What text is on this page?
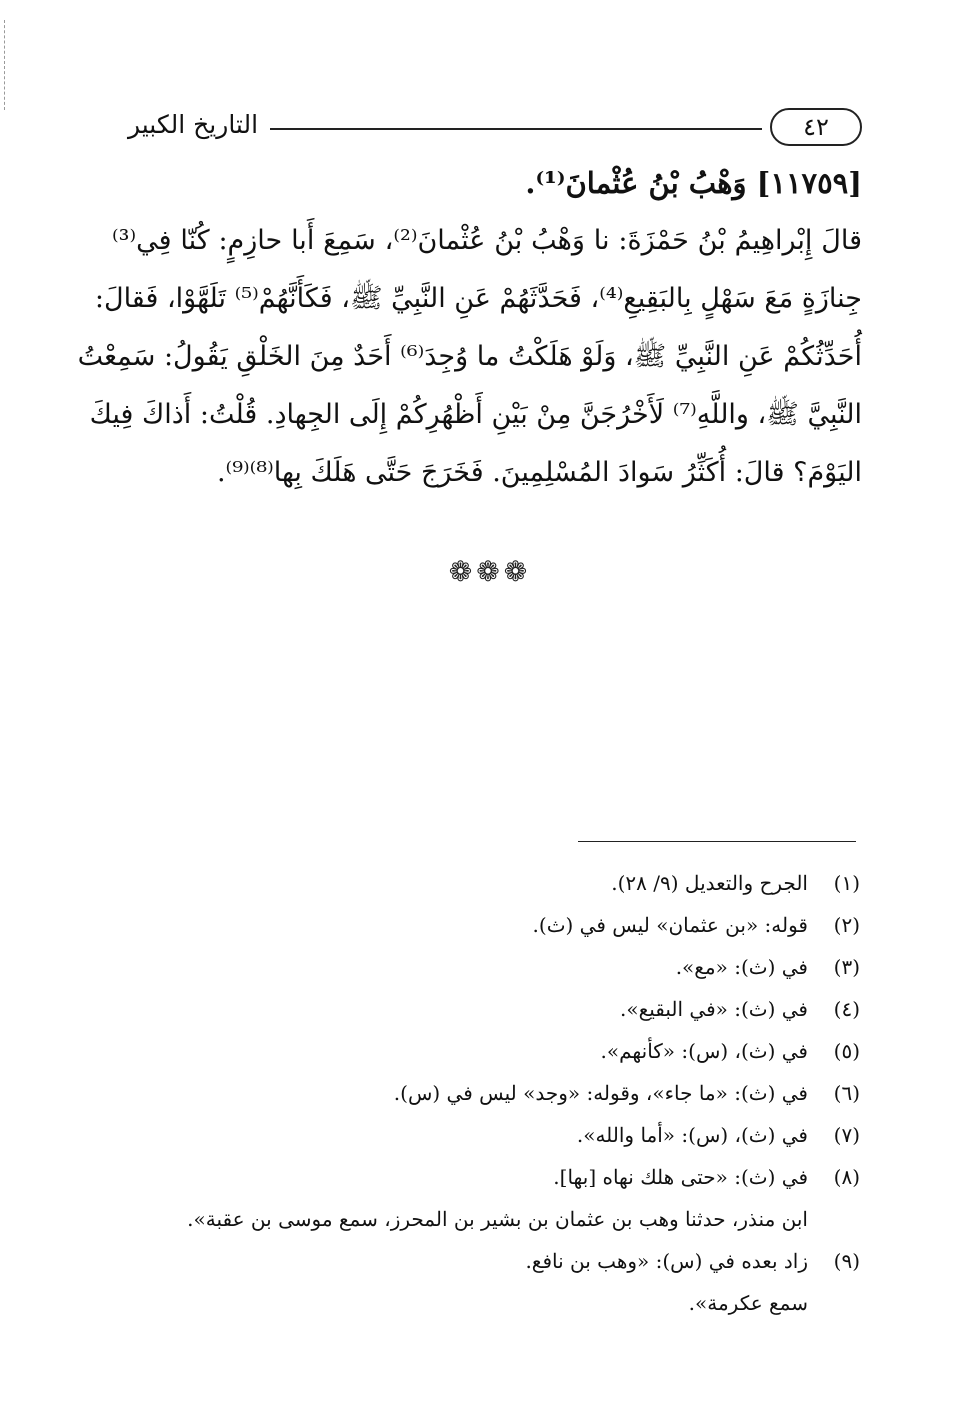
التاريخ الكبير	٤٢
[١١٧٥٩] وَهْبُ بْنُ عُثْمانَ⁽¹⁾.
قالَ إِبْراهِيمُ بْنُ حَمْزَةَ: نا وَهْبُ بْنُ عُثْمانَ⁽²⁾، سَمِعَ أَبا حازِمٍ: كُنّا فِي⁽³⁾
جِنازَةٍ مَعَ سَهْلٍ بِالبَقِيعِ⁽⁴⁾، فَحَدَّثَهُمْ عَنِ النَّبِيِّ ﷺ، فَكَأَنَّهُمْ⁽⁵⁾ تَلَهَّوْا، فَقالَ:
أُحَدِّثُكُمْ عَنِ النَّبِيِّ ﷺ، وَلَوْ هَلَكْتُ ما وُجِدَ⁽⁶⁾ أَحَدٌ مِنَ الخَلْقِ يَقُولُ: سَمِعْتُ
النَّبِيَّ ﷺ، واللَّهِ⁽⁷⁾ لَأَخْرُجَنَّ مِنْ بَيْنِ أَظْهُرِكُمْ إِلَى الجِهادِ. قُلْتُ: أَذاكَ فِيكَ
اليَوْمَ؟ قالَ: أُكَثِّرُ سَوادَ المُسْلِمِينَ. فَخَرَجَ حَتَّى هَلَكَ بِها⁽⁸⁾⁽⁹⁾.
❁❁❁
(١)
الجرح والتعديل (٩/ ٢٨).
(٢)
قوله: «بن عثمان» ليس في (ث).
(٣)
في (ث): «مع».
(٤)
في (ث): «في البقيع».
(٥)
في (ث)، (س): «كأنهم».
(٦)
في (ث): «ما جاء»، وقوله: «وجد» ليس في (س).
(٧)
في (ث)، (س): «أما والله».
(٨)
في (ث): «حتى هلك نهاه [بها].
ابن منذر، حدثنا وهب بن عثمان بن بشير بن المحرز، سمع موسى بن عقبة».
(٩)
زاد بعده في (س): «وهب بن نافع.
سمع عكرمة».
